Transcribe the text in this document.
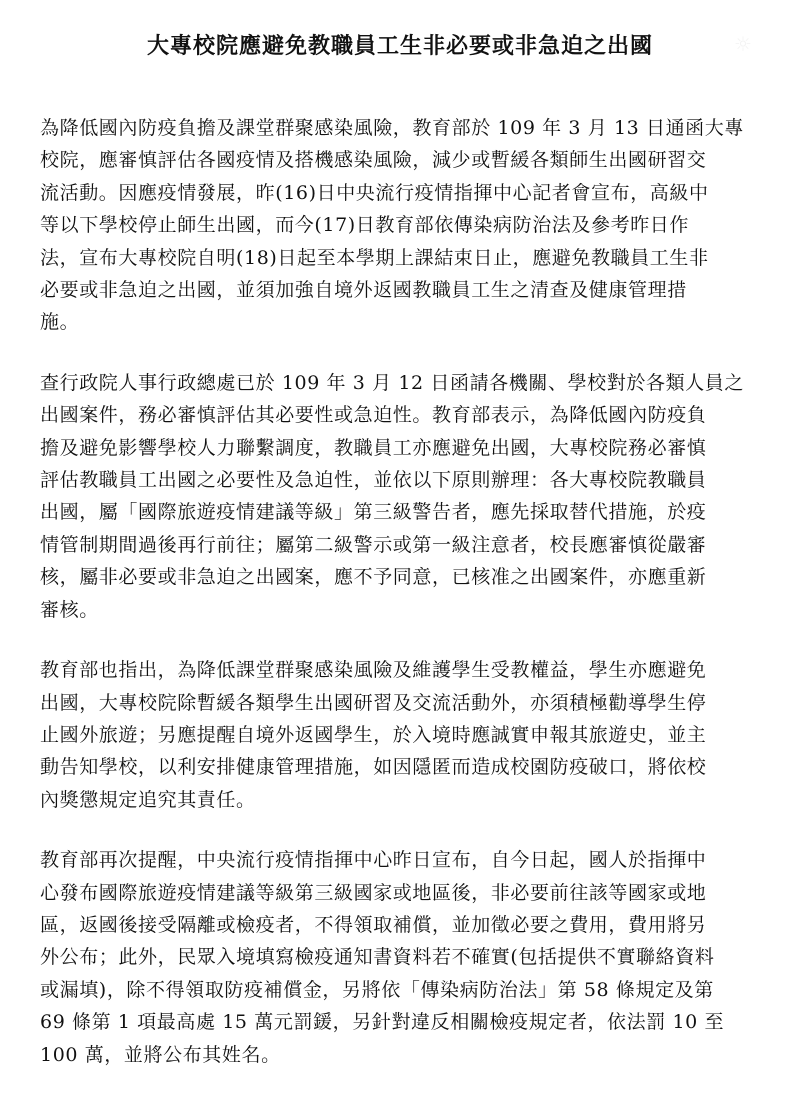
大專校院應避免教職員工生非必要或非急迫之出國	☼

為降低國內防疫負擔及課堂群聚感染風險，教育部於 109 年 3 月 13 日通函大專
校院，應審慎評估各國疫情及搭機感染風險，減少或暫緩各類師生出國研習交
流活動。因應疫情發展，昨(16)日中央流行疫情指揮中心記者會宣布，高級中
等以下學校停止師生出國，而今(17)日教育部依傳染病防治法及參考昨日作
法，宣布大專校院自明(18)日起至本學期上課結束日止，應避免教職員工生非
必要或非急迫之出國，並須加強自境外返國教職員工生之清查及健康管理措
施。

查行政院人事行政總處已於 109 年 3 月 12 日函請各機關、學校對於各類人員之
出國案件，務必審慎評估其必要性或急迫性。教育部表示，為降低國內防疫負
擔及避免影響學校人力聯繫調度，教職員工亦應避免出國，大專校院務必審慎
評估教職員工出國之必要性及急迫性，並依以下原則辦理：各大專校院教職員
出國，屬「國際旅遊疫情建議等級」第三級警告者，應先採取替代措施，於疫
情管制期間過後再行前往；屬第二級警示或第一級注意者，校長應審慎從嚴審
核，屬非必要或非急迫之出國案，應不予同意，已核准之出國案件，亦應重新
審核。

教育部也指出，為降低課堂群聚感染風險及維護學生受教權益，學生亦應避免
出國，大專校院除暫緩各類學生出國研習及交流活動外，亦須積極勸導學生停
止國外旅遊；另應提醒自境外返國學生，於入境時應誠實申報其旅遊史，並主
動告知學校，以利安排健康管理措施，如因隱匿而造成校園防疫破口，將依校
內獎懲規定追究其責任。

教育部再次提醒，中央流行疫情指揮中心昨日宣布，自今日起，國人於指揮中
心發布國際旅遊疫情建議等級第三級國家或地區後，非必要前往該等國家或地
區，返國後接受隔離或檢疫者，不得領取補償，並加徵必要之費用，費用將另
外公布；此外，民眾入境填寫檢疫通知書資料若不確實(包括提供不實聯絡資料
或漏填)，除不得領取防疫補償金，另將依「傳染病防治法」第 58 條規定及第
69 條第 1 項最高處 15 萬元罰鍰，另針對違反相關檢疫規定者，依法罰 10 至
100 萬，並將公布其姓名。
